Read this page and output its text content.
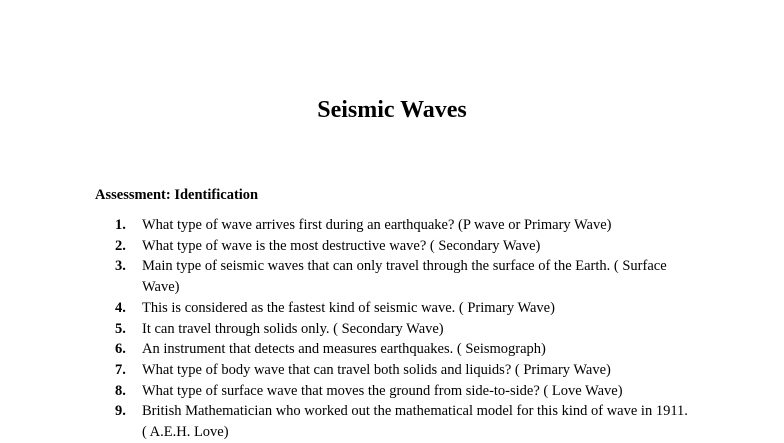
Seismic Waves
Assessment: Identification
1.	What type of wave arrives first during an earthquake? (P wave or Primary Wave)
2.	What type of wave is the most destructive wave? ( Secondary Wave)
3.	Main type of seismic waves that can only travel through the surface of the Earth. ( Surface Wave)
4.	This is considered as the fastest kind of seismic wave. ( Primary Wave)
5.	It can travel through solids only. ( Secondary Wave)
6.	An instrument that detects and measures earthquakes. ( Seismograph)
7.	What type of body wave that can travel both solids and liquids? ( Primary Wave)
8.	What type of surface wave that moves the ground from side-to-side? ( Love Wave)
9.	British Mathematician who worked out the mathematical model for this kind of wave in 1911. ( A.E.H. Love)
